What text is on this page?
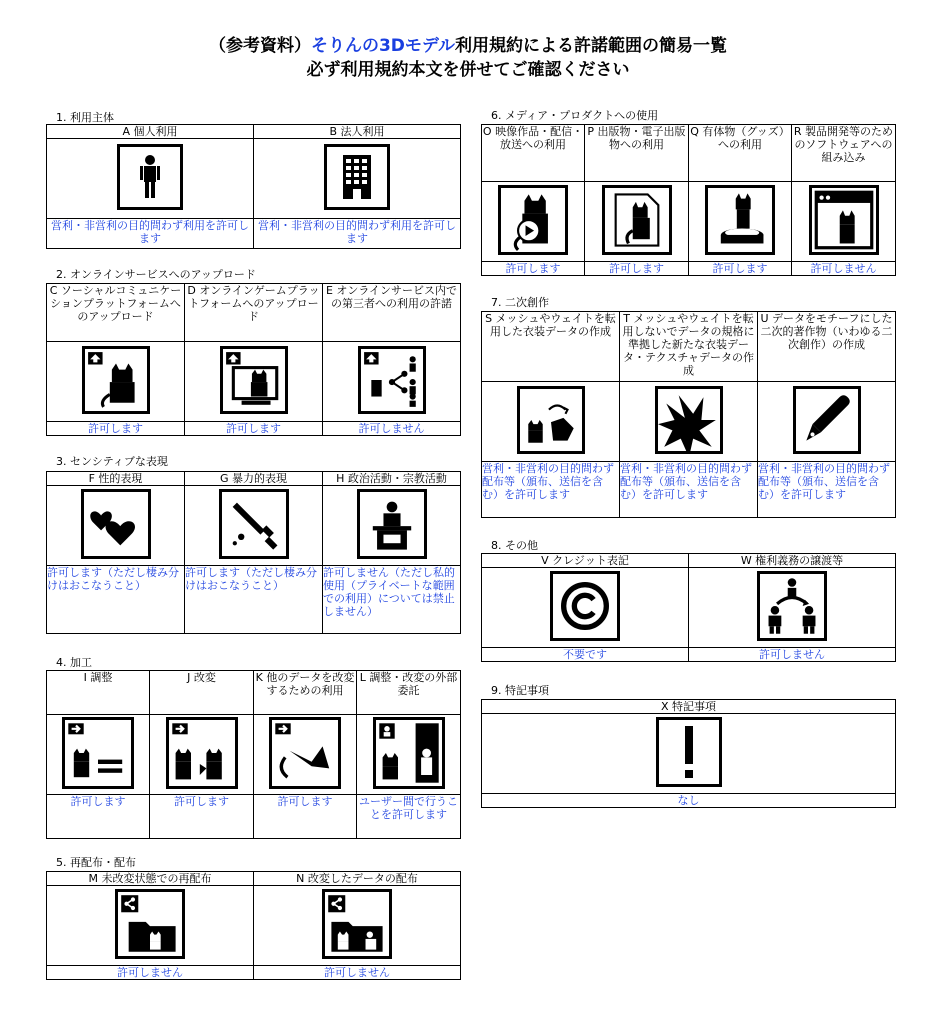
（参考資料）そりんの3Dモデル利用規約による許諾範囲の簡易一覧
必ず利用規約本文を併せてご確認ください
1. 利用主体
A 個人利用	B 法人利用

営利・非営利の目的問わず利用を許可します	営利・非営利の目的問わず利用を許可します
2. オンラインサービスへのアップロード
C ソーシャルコミュニケーションプラットフォームへのアップロード	D オンラインゲームプラットフォームへのアップロード	E オンラインサービス内での第三者への利用の許諾

許可します	許可します	許可しません
3. センシティブな表現
F 性的表現	G 暴力的表現	H 政治活動・宗教活動

許可します（ただし棲み分けはおこなうこと）	許可します（ただし棲み分けはおこなうこと）	許可しません（ただし私的使用（プライベートな範囲での利用）については禁止しません）
4. 加工
I 調整	J 改変	K 他のデータを改変するための利用	L 調整・改変の外部委託

許可します	許可します	許可します	ユーザー間で行うことを許可します
5. 再配布・配布
M 未改変状態での再配布	N 改変したデータの配布

許可しません	許可しません
6. メディア・プロダクトへの使用
O 映像作品・配信・放送への利用	P 出版物・電子出版物への利用	Q 有体物（グッズ）への利用	R 製品開発等のためのソフトウェアへの組み込み

許可します	許可します	許可します	許可しません
7. 二次創作
S メッシュやウェイトを転用した衣装データの作成	T メッシュやウェイトを転用しないでデータの規格に準拠した新たな衣装データ・テクスチャデータの作成	U データをモチーフにした二次的著作物（いわゆる二次創作）の作成

営利・非営利の目的問わず配布等（頒布、送信を含む）を許可します	営利・非営利の目的問わず配布等（頒布、送信を含む）を許可します	営利・非営利の目的問わず配布等（頒布、送信を含む）を許可します
8. その他
V クレジット表記	W 権利義務の譲渡等

不要です	許可しません
9. 特記事項
X 特記事項

なし
